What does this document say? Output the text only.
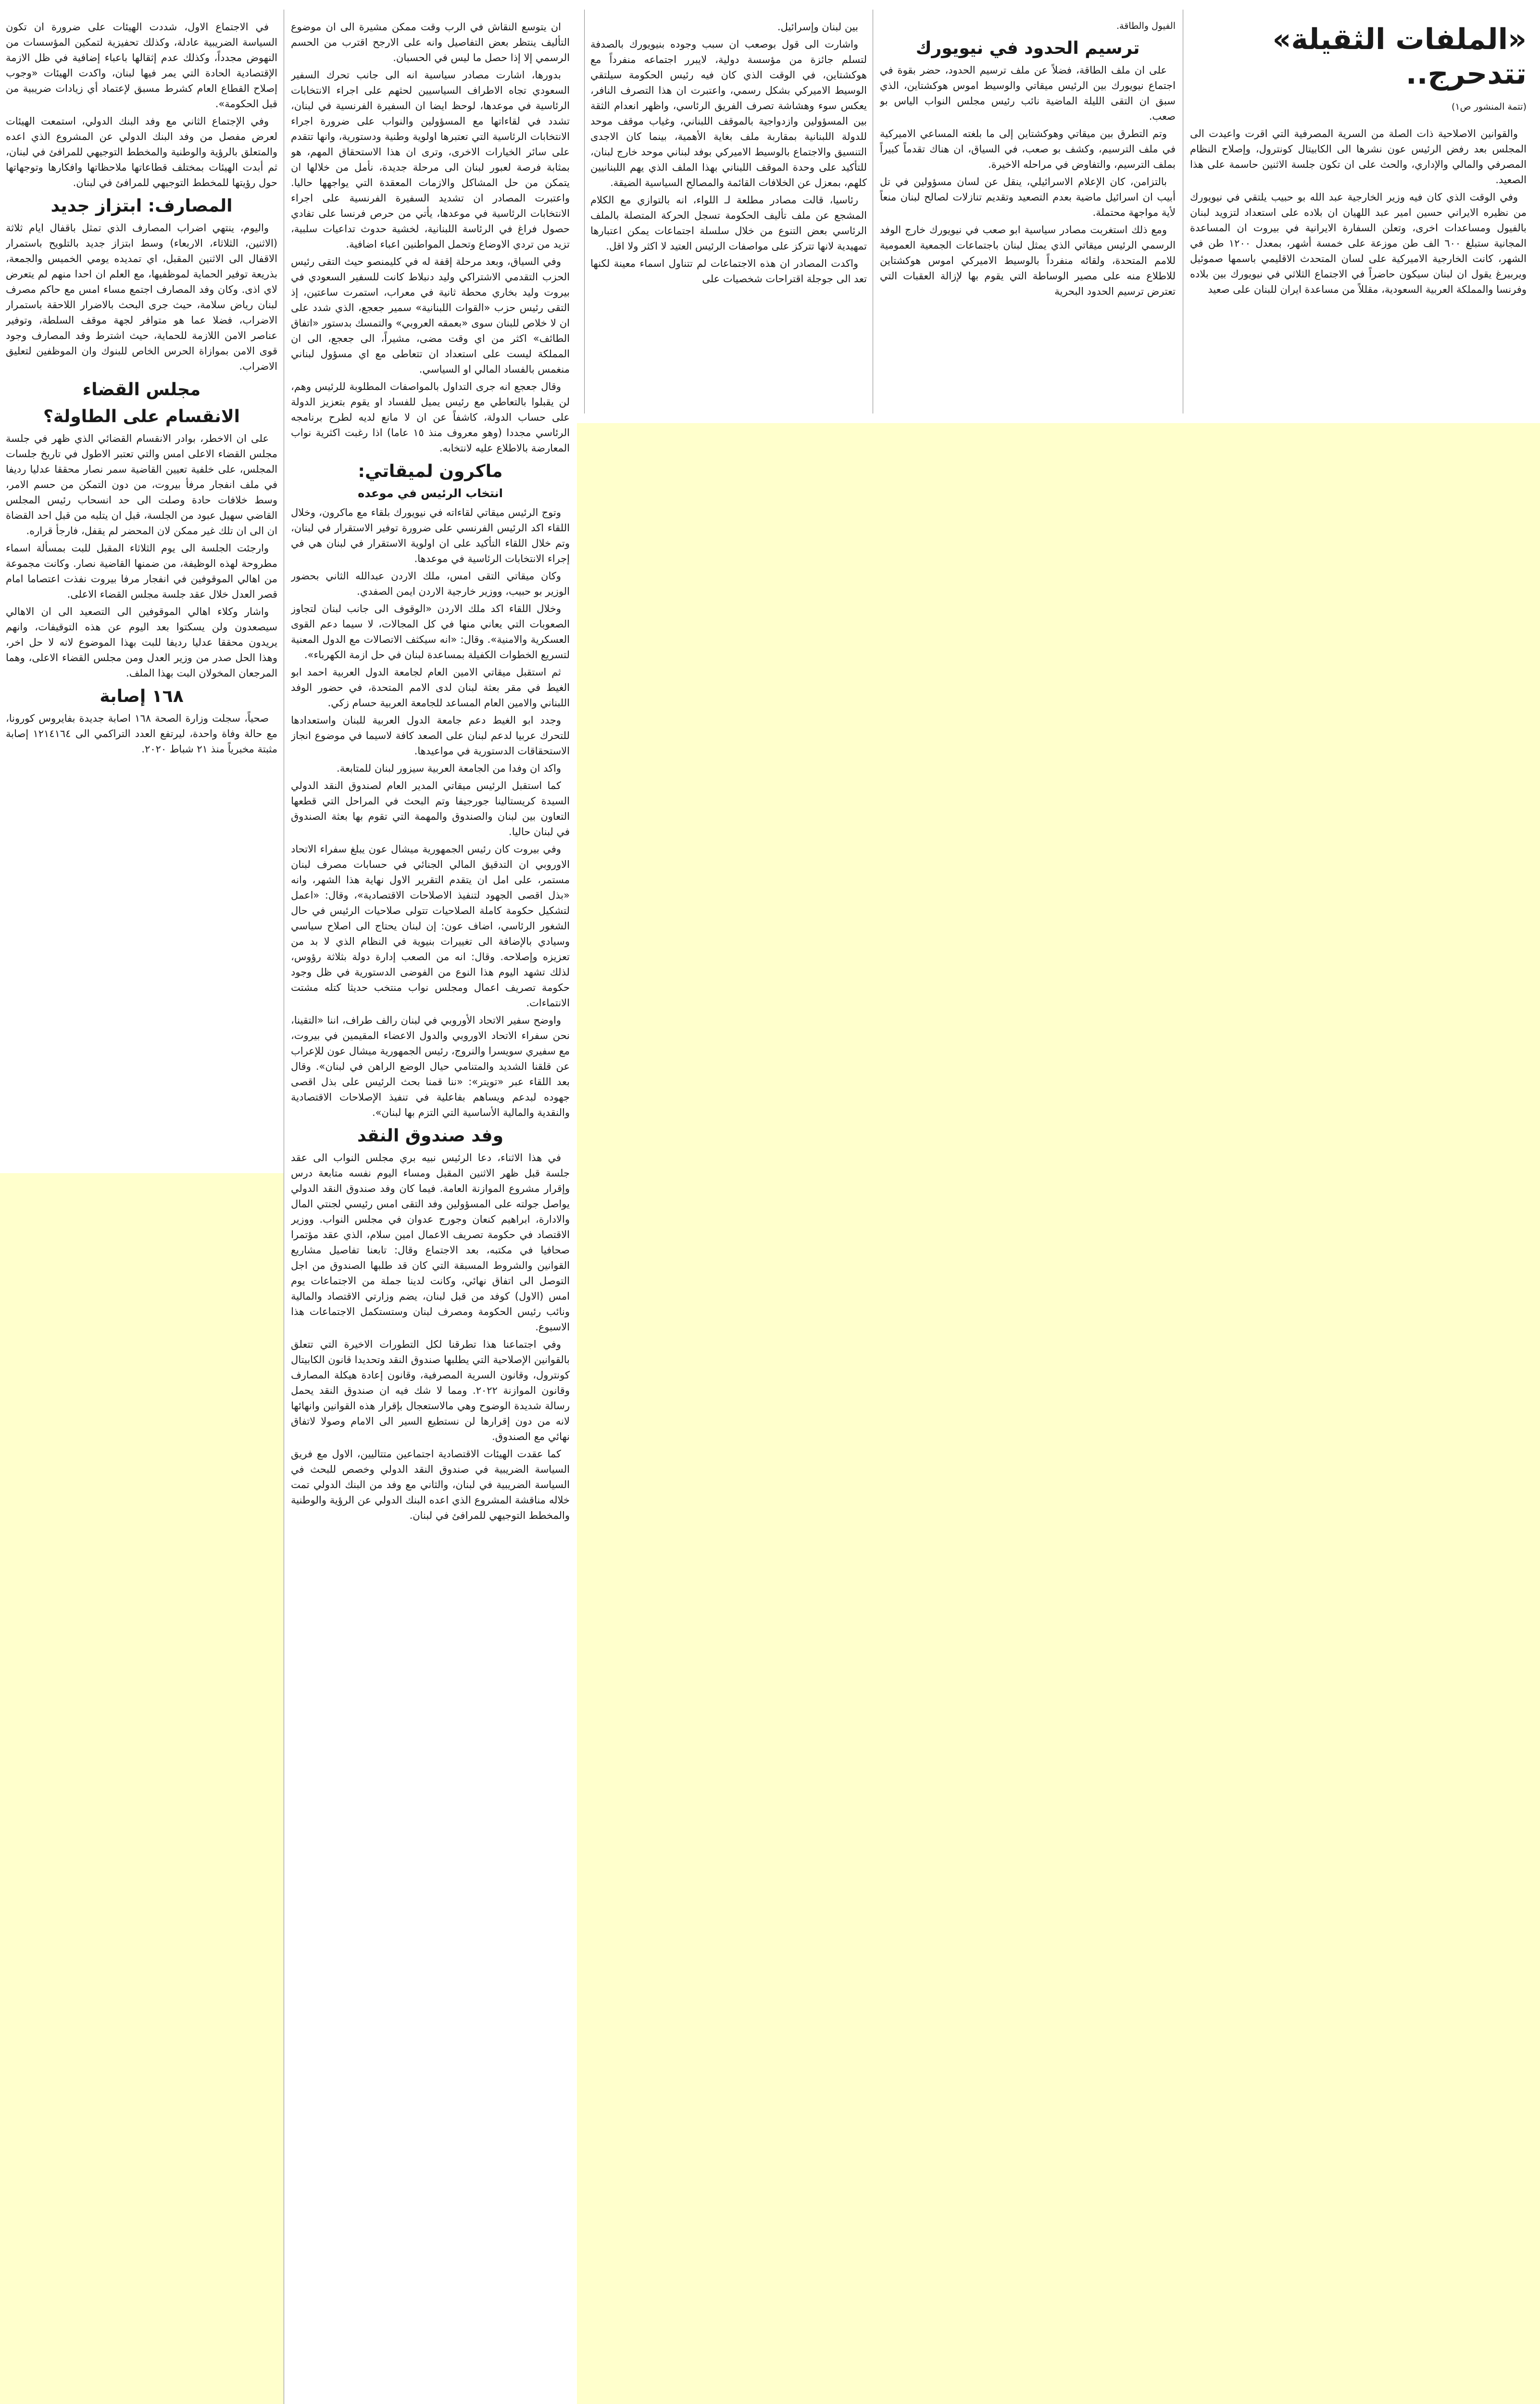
«الملفات الثقيلة» تتدحرج..
(تتمة المنشور ص١)

والقوانين الاصلاحية ذات الصلة من السرية المصرفية التي اقرت واعيدت الى المجلس بعد رفض الرئيس عون نشرها الى الكابيتال كونترول، وإصلاح النظام المصرفي والمالي والإداري، والحث على ان تكون جلسة الاثنين حاسمة على هذا الصعيد.

وفي الوقت الذي كان فيه وزير الخارجية عبد الله بو حبيب يلتقي في نيويورك من نظيره الايراني حسين امير عبد اللهيان ان بلاده على استعداد لتزويد لبنان بالفيول ومساعدات اخرى، وتعلن السفارة الايرانية في بيروت ان المساعدة المجانية ستبلغ ٦٠٠ الف طن موزعة على خمسة أشهر، بمعدل ١٢٠٠ طن في الشهر، كانت الخارجية الاميركية على لسان المتحدث الاقليمي باسمها صموئيل ويربيرغ يقول ان لبنان سيكون حاضراً في الاجتماع الثلاثي في نيويورك بين بلاده وفرنسا والمملكة العربية السعودية، مقللاً من مساعدة ايران للبنان على صعيد

الفيول والطاقة.
ترسيم الحدود في نيويورك

على ان ملف الطاقة، فضلاً عن ملف ترسيم الحدود، حضر بقوة في اجتماع نيويورك بين الرئيس ميقاتي والوسيط اموس هوكشتاين، الذي سبق ان التقى الليلة الماضية نائب رئيس مجلس النواب الياس بو صعب.

وتم التطرق بين ميقاتي وهوكشتاين إلى ما بلغته المساعي الاميركية في ملف الترسيم، وكشف بو صعب، في السياق، ان هناك تقدماً كبيراً بملف الترسيم، والتفاوض في مراحله الاخيرة.

بالتزامن، كان الإعلام الاسرائيلي، ينقل عن لسان مسؤولين في تل أبيب ان اسرائيل ماضية بعدم التصعيد وتقديم تنازلات لصالح لبنان منعاً لأية مواجهة محتملة.

ومع ذلك استغربت مصادر سياسية ابو صعب في نيويورك خارج الوفد الرسمي الرئيس ميقاتي الذي يمثل لبنان باجتماعات الجمعية العمومية للامم المتحدة، ولقائه منفرداً بالوسيط الاميركي اموس هوكشتاين للاطلاع منه على مصير الوساطة التي يقوم بها لإزالة العقبات التي تعترض ترسيم الحدود البحرية

بين لبنان وإسرائيل.

واشارت الى قول بوصعب ان سبب وجوده بنيويورك بالصدفة لتسلم جائزة من مؤسسة دولية، لايبرر اجتماعه منفرداً مع هوكشتاين، في الوقت الذي كان فيه رئيس الحكومة سيلتقي الوسيط الاميركي بشكل رسمي، واعتبرت ان هذا التصرف النافر، يعكس سوء وهشاشة تصرف الفريق الرئاسي، واظهر انعدام الثقة بين المسؤولين وازدواجية بالموقف اللبناني، وغياب موقف موحد للدولة اللبنانية بمقاربة ملف بغاية الأهمية، بينما كان الاجدى التنسيق والاجتماع بالوسيط الاميركي بوفد لبناني موحد خارج لبنان، للتأكيد على وحدة الموقف اللبناني بهذا الملف الذي يهم اللبنانيين كلهم، بمعزل عن الخلافات القائمة والمصالح السياسية الضيقة.

رئاسيا، قالت مصادر مطلعة لـ اللواء، انه بالتوازي مع الكلام المشجع عن ملف تأليف الحكومة تسجل الحركة المتصلة بالملف الرئاسي بعض التنوع من خلال سلسلة اجتماعات يمكن اعتبارها تمهيدية لانها تتركز على مواصفات الرئيس العتيد لا اكثر ولا اقل.

واكدت المصادر ان هذه الاجتماعات لم تتناول اسماء معينة لكنها تعد الى جوجلة اقتراحات شخصيات على

ان يتوسع النقاش في الرب وقت ممكن مشيرة الى ان موضوع التأليف ينتظر بعض التفاصيل وانه على الارجح اقترب من الحسم الرسمي إلا إذا حصل ما ليس في الحسبان.

بدورها، اشارت مصادر سياسية انه الى جانب تحرك السفير السعودي تجاه الاطراف السياسيين لحثهم على اجراء الانتخابات الرئاسية في موعدها، لوحظ ايضا ان السفيرة الفرنسية في لبنان، تشدد في لقاءاتها مع المسؤولين والنواب على ضرورة اجراء الانتخابات الرئاسية التي تعتبرها اولوية وطنية ودستورية، وانها تتقدم على سائر الخيارات الاخرى، وترى ان هذا الاستحقاق المهم، هو بمثابة فرصة لعبور لبنان الى مرحلة جديدة، نأمل من خلالها ان يتمكن من حل المشاكل والازمات المعقدة التي يواجهها حاليا. واعتبرت المصادر ان تشديد السفيرة الفرنسية على اجراء الانتخابات الرئاسية في موعدها، يأتي من حرص فرنسا على تفادي حصول فراغ في الرئاسة اللبنانية، لخشية حدوث تداعيات سلبية، تزيد من تردي الاوضاع وتحمل المواطنين اعباء اضافية.

وفي السياق، وبعد مرحلة إقفة له في كليمنصو حيث التقى رئيس الحزب التقدمي الاشتراكي وليد دنبلاط كانت للسفير السعودي في بيروت وليد بخاري محطة ثانية في معراب، استمرت ساعتين، إذ التقى رئيس حزب «القوات اللبنانية» سمير جعجع، الذي شدد على ان لا خلاص للبنان سوى «بعمقه العروبي» والتمسك بدستور «اتفاق الطائف» اكثر من اي وقت مضى، مشيراً، الى جعجع، الى ان المملكة ليست على استعداد ان تتعاطى مع اي مسؤول لبناني منغمس بالفساد المالي او السياسي.

وقال جعجع انه جرى التداول بالمواصفات المطلوبة للرئيس وهم، لن يقبلوا بالتعاطي مع رئيس يميل للفساد او يقوم بتعزيز الدولة على حساب الدولة، كاشفاً عن ان لا مانع لديه لطرح برنامجه الرئاسي مجددا (وهو معروف منذ ١٥ عاما) اذا رغبت اكثرية نواب المعارضة بالاطلاع عليه لانتخابه.

ماكرون لميقاتي:
انتخاب الرئيس في موعده

وتوج الرئيس ميقاتي لقاءاته في نيويورك بلقاء مع ماكرون، وخلال اللقاء اكد الرئيس الفرنسي على ضرورة توفير الاستقرار في لبنان، وتم خلال اللقاء التأكيد على ان اولوية الاستقرار في لبنان هي في إجراء الانتخابات الرئاسية في موعدها.

وكان ميقاتي التقى امس، ملك الاردن عبدالله الثاني بحضور الوزير بو حبيب، ووزير خارجية الاردن ايمن الصفدي.

وخلال اللقاء اكد ملك الاردن «الوقوف الى جانب لبنان لتجاوز الصعوبات التي يعاني منها في كل المجالات، لا سيما دعم القوى العسكرية والامنية». وقال: «انه سيكثف الاتصالات مع الدول المعنية لتسريع الخطوات الكفيلة بمساعدة لبنان في حل ازمة الكهرباء».

ثم استقبل ميقاتي الامين العام لجامعة الدول العربية احمد ابو الغيط في مقر بعثة لبنان لدى الامم المتحدة، في حضور الوفد اللبناني والامين العام المساعد للجامعة العربية حسام زكي.

وجدد ابو الغيط دعم جامعة الدول العربية للبنان واستعدادها للتحرك عربيا لدعم لبنان على الصعد كافة لاسيما في موضوع انجاز الاستحقاقات الدستورية في مواعيدها.

واكد ان وفدا من الجامعة العربية سيزور لبنان للمتابعة.

كما استقبل الرئيس ميقاتي المدير العام لصندوق النقد الدولي السيدة كريستالينا جورجيفا وتم البحث في المراحل التي قطعها التعاون بين لبنان والصندوق والمهمة التي تقوم بها بعثة الصندوق في لبنان حاليا.

وفي بيروت كان رئيس الجمهورية ميشال عون يبلغ سفراء الاتحاد الاوروبي ان التدقيق المالي الجنائي في حسابات مصرف لبنان مستمر، على امل ان يتقدم التقرير الاول نهاية هذا الشهر، وانه «بذل اقصى الجهود لتنفيذ الاصلاحات الاقتصادية»، وقال: «اعمل لتشكيل حكومة كاملة الصلاحيات تتولى صلاحيات الرئيس في حال الشغور الرئاسي، اضاف عون: إن لبنان يحتاج الى اصلاح سياسي وسيادي بالإضافة الى تغييرات بنيوية في النظام الذي لا بد من تعزيزه وإصلاحه. وقال: انه من الصعب إدارة دولة بثلاثة رؤوس، لذلك تشهد اليوم هذا النوع من الفوضى الدستورية في ظل وجود حكومة تصريف اعمال ومجلس نواب منتخب حديثا كتله مشتت الانتماءات.

واوضح سفير الاتحاد الأوروبي في لبنان رالف طراف، اننا «التقينا، نحن سفراء الاتحاد الاوروبي والدول الاعضاء المقيمين في بيروت، مع سفيري سويسرا والنروج، رئيس الجمهورية ميشال عون للإعراب عن قلقنا الشديد والمتنامي حيال الوضع الراهن في لبنان». وقال بعد اللقاء عبر «تويتر»: «ننا قمنا بحث الرئيس على بذل اقصى جهوده لبدعم ويساهم بفاعلية في تنفيذ الإصلاحات الاقتصادية والنقدية والمالية الأساسية التي التزم بها لبنان».

وفد صندوق النقد

في هذا الاثناء، دعا الرئيس نبيه بري مجلس النواب الى عقد جلسة قبل ظهر الاثنين المقبل ومساء اليوم نفسه متابعة درس وإقرار مشروع الموازنة العامة. فيما كان وفد صندوق النقد الدولي يواصل جولته على المسؤولين وفد التقى امس رئيسي لجنتي المال والادارة، ابراهيم كنعان وجورج عدوان في مجلس النواب. ووزير الاقتصاد في حكومة تصريف الاعمال امين سلام، الذي عقد مؤتمرا صحافيا في مكتبه، بعد الاجتماع وقال: تابعنا تفاصيل مشاريع القوانين والشروط المسبقة التي كان قد طلبها الصندوق من اجل التوصل الى اتفاق نهائي، وكانت لدينا جملة من الاجتماعات يوم امس (الاول) كوفد من قبل لبنان، يضم وزارتي الاقتصاد والمالية ونائب رئيس الحكومة ومصرف لبنان وستستكمل الاجتماعات هذا الاسبوع.

وفي اجتماعنا هذا تطرقنا لكل التطورات الاخيرة التي تتعلق بالقوانين الإصلاحية التي يطلبها صندوق النقد وتحديدا قانون الكابيتال كونترول، وقانون السرية المصرفية، وقانون إعادة هيكلة المصارف وقانون الموازنة ٢٠٢٢. ومما لا شك فيه ان صندوق النقد يحمل رسالة شديدة الوضوح وهي مالاستعجال بإقرار هذه القوانين وانهائها لانه من دون إقرارها لن نستطيع السير الى الامام وصولا لاتفاق نهائي مع الصندوق.

كما عقدت الهيئات الاقتصادية اجتماعين متتاليين، الاول مع فريق السياسة الضريبية في صندوق النقد الدولي وخصص للبحث في السياسة الضريبية في لبنان، والثاني مع وفد من البنك الدولي تمت خلاله مناقشة المشروع الذي اعده البنك الدولي عن الرؤية والوطنية والمخطط التوجيهي للمرافئ في لبنان.

في الاجتماع الاول، شددت الهيئات على ضرورة ان تكون السياسة الضريبية عادلة، وكذلك تحفيزية لتمكين المؤسسات من النهوض مجدداً، وكذلك عدم إثقالها باعباء إضافية في ظل الازمة الإقتصادية الحادة التي يمر فيها لبنان، واكدت الهيئات «وجوب إصلاح القطاع العام كشرط مسبق لإعتماد أي زيادات ضريبية من قبل الحكومة».

وفي الإجتماع الثاني مع وفد البنك الدولي، استمعت الهيئات لعرض مفصل من وفد البنك الدولي عن المشروع الذي اعده والمتعلق بالرؤية والوطنية والمخطط التوجيهي للمرافئ في لبنان، ثم أبدت الهيئات بمختلف قطاعاتها ملاحظاتها وافكارها وتوجهاتها حول رؤيتها للمخطط التوجيهي للمرافئ في لبنان.

المصارف: ابتزاز جديد

واليوم، ينتهي اضراب المصارف الذي تمثل باقفال ايام ثلاثة (الاثنين، الثلاثاء، الاربعاء) وسط ابتزاز جديد بالتلويح باستمرار الاقفال الى الاثنين المقبل، اي تمديده يومي الخميس والجمعة، بذريعة توفير الحماية لموظفيها، مع العلم ان احدا منهم لم يتعرض لاي اذى. وكان وفد المصارف اجتمع مساء امس مع حاكم مصرف لبنان رياض سلامة، حيث جرى البحث بالاضرار اللاحقة باستمرار الاضراب، فضلا عما هو متوافر لجهة موقف السلطة، وتوفير عناصر الامن اللازمة للحماية، حيث اشترط وفد المصارف وجود قوى الامن بموازاة الحرس الخاص للبنوك وان الموظفين لتعليق الاضراب.

مجلس القضاء
الانقسام على الطاولة؟

على ان الاخطر، بوادر الانقسام القضائي الذي ظهر في جلسة مجلس القضاء الاعلى امس والتي تعتبر الاطول في تاريخ جلسات المجلس، على خلفية تعيين القاضية سمر نصار محققا عدليا رديفا في ملف انفجار مرفأ بيروت، من دون التمكن من حسم الامر، وسط خلافات حادة وصلت الى حد انسحاب رئيس المجلس القاضي سهيل عبود من الجلسة، قبل ان يتلبه من قبل احد القضاة ان الى ان تلك غير ممكن لان المحضر لم يقفل، فارجأ قراره.

وارجئت الجلسة الى يوم الثلاثاء المقبل للبت بمسألة اسماء مطروحة لهذه الوظيفة، من ضمنها القاضية نصار. وكانت مجموعة من اهالي الموقوفين في انفجار مرفا بيروت نفذت اعتصاما امام قصر العدل خلال عقد جلسة مجلس القضاء الاعلى.

واشار وكلاء اهالي الموقوفين الى التصعيد الى ان الاهالي سيصعدون ولن يسكتوا بعد اليوم عن هذه التوقيفات، وانهم يريدون محققا عدليا رديفا للبت بهذا الموضوع لانه لا حل اخر، وهذا الحل صدر من وزير العدل ومن مجلس القضاء الاعلى، وهما المرجعان المخولان البت بهذا الملف.

١٦٨ إصابة

صحياً، سجلت وزارة الصحة ١٦٨ اصابة جديدة بفايروس كورونا، مع حالة وفاة واحدة، ليرتفع العدد التراكمي الى ١٢١٤١٦٤ إصابة مثبتة مخبرياً منذ ٢١ شباط ٢٠٢٠.
